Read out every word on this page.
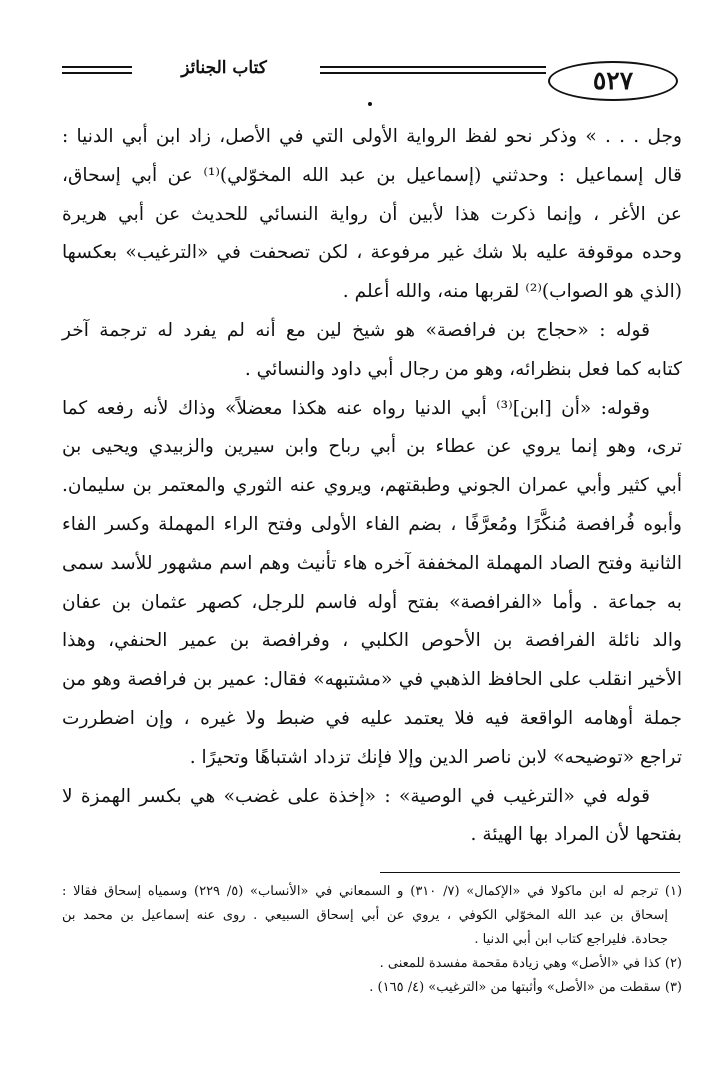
كتاب الجنائز	٥٢٧
وجل . . . » وذكر نحو لفظ الرواية الأولى التي في الأصل، زاد ابن أبي الدنيا :
قال إسماعيل : وحدثني (إسماعيل بن عبد الله المخوّلي)⁽¹⁾ عن أبي إسحاق،
عن الأغر ، وإنما ذكرت هذا لأبين أن رواية النسائي للحديث عن أبي هريرة
وحده موقوفة عليه بلا شك غير مرفوعة ، لكن تصحفت في «الترغيب» بعكسها
(الذي هو الصواب)⁽²⁾ لقربها منه، والله أعلم .
قوله : «حجاج بن فرافصة» هو شيخ لين مع أنه لم يفرد له ترجمة آخر
كتابه كما فعل بنظرائه، وهو من رجال أبي داود والنسائي .
وقوله: «أن [ابن]⁽³⁾ أبي الدنيا رواه عنه هكذا معضلاً» وذاك لأنه رفعه كما
ترى، وهو إنما يروي عن عطاء بن أبي رباح وابن سيرين والزبيدي ويحيى بن
أبي كثير وأبي عمران الجوني وطبقتهم، ويروي عنه الثوري والمعتمر بن سليمان.
وأبوه فُرافصة مُنكَّرًا ومُعرَّفًا ، بضم الفاء الأولى وفتح الراء المهملة وكسر الفاء
الثانية وفتح الصاد المهملة المخففة آخره هاء تأنيث وهم اسم مشهور للأسد سمى
به جماعة . وأما «الفرافصة» بفتح أوله فاسم للرجل، كصهر عثمان بن عفان
والد نائلة الفرافصة بن الأحوص الكلبي ، وفرافصة بن عمير الحنفي، وهذا
الأخير انقلب على الحافظ الذهبي في «مشتبهه» فقال: عمير بن فرافصة وهو من
جملة أوهامه الواقعة فيه فلا يعتمد عليه في ضبط ولا غيره ، وإن اضطررت
تراجع «توضيحه» لابن ناصر الدين وإلا فإنك تزداد اشتباهًا وتحيرًا .
قوله في «الترغيب في الوصية» : «إخذة على غضب» هي بكسر الهمزة لا
بفتحها لأن المراد بها الهيئة .
(١) ترجم له ابن ماكولا في «الإكمال» (٧/ ٣١٠) و السمعاني في «الأنساب» (٥/ ٢٢٩) وسمياه إسحاق فقالا :
إسحاق بن عبد الله المخوّلي الكوفي ، يروي عن أبي إسحاق السبيعي . روى عنه إسماعيل بن محمد بن
جحادة. فليراجع كتاب ابن أبي الدنيا .
(٢) كذا في «الأصل» وهي زيادة مقحمة مفسدة للمعنى .
(٣) سقطت من «الأصل» وأثبتها من «الترغيب» (٤/ ١٦٥) .
